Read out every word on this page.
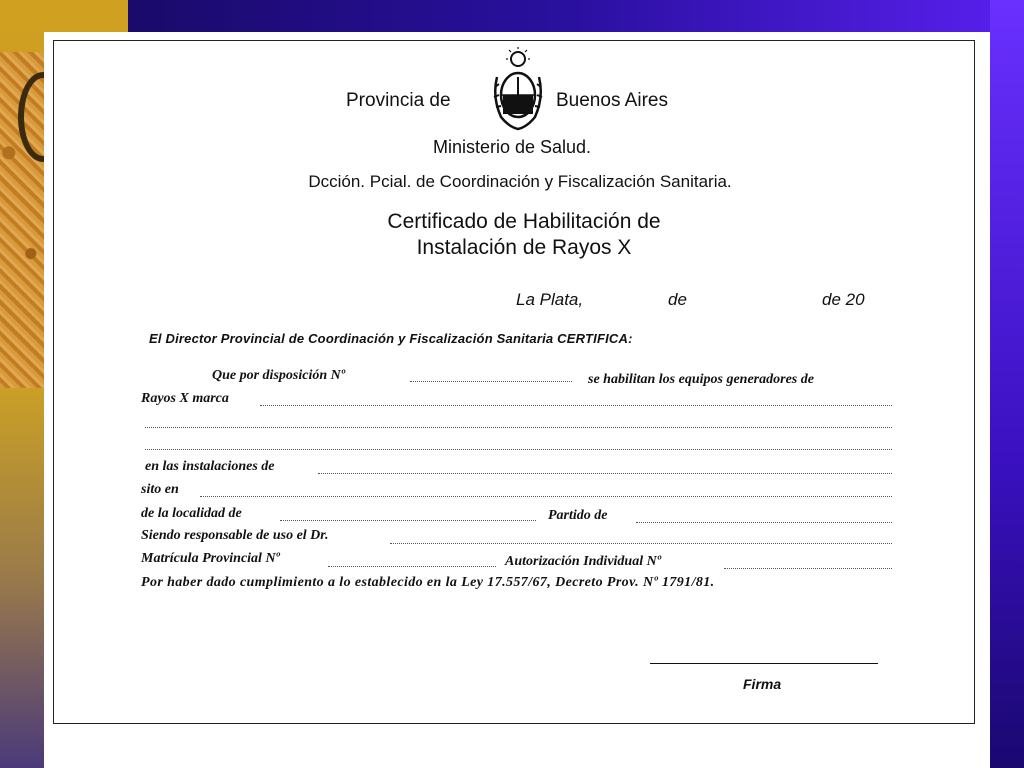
Provincia de	Buenos Aires
Ministerio de Salud.
Dcción. Pcial. de Coordinación y Fiscalización Sanitaria.
Certificado de Habilitación de
Instalación de Rayos X
La Plata,	de	de 20
El Director Provincial de Coordinación y Fiscalización Sanitaria CERTIFICA:
Que por disposición Nº	se habilitan los equipos generadores de
Rayos X marca
en las instalaciones de
sito en
de la localidad de	Partido de
Siendo responsable de uso el Dr.
Matrícula Provincial Nº	Autorización Individual Nº
Por haber dado cumplimiento a lo establecido en la Ley 17.557/67, Decreto Prov. Nº 1791/81.
Firma
